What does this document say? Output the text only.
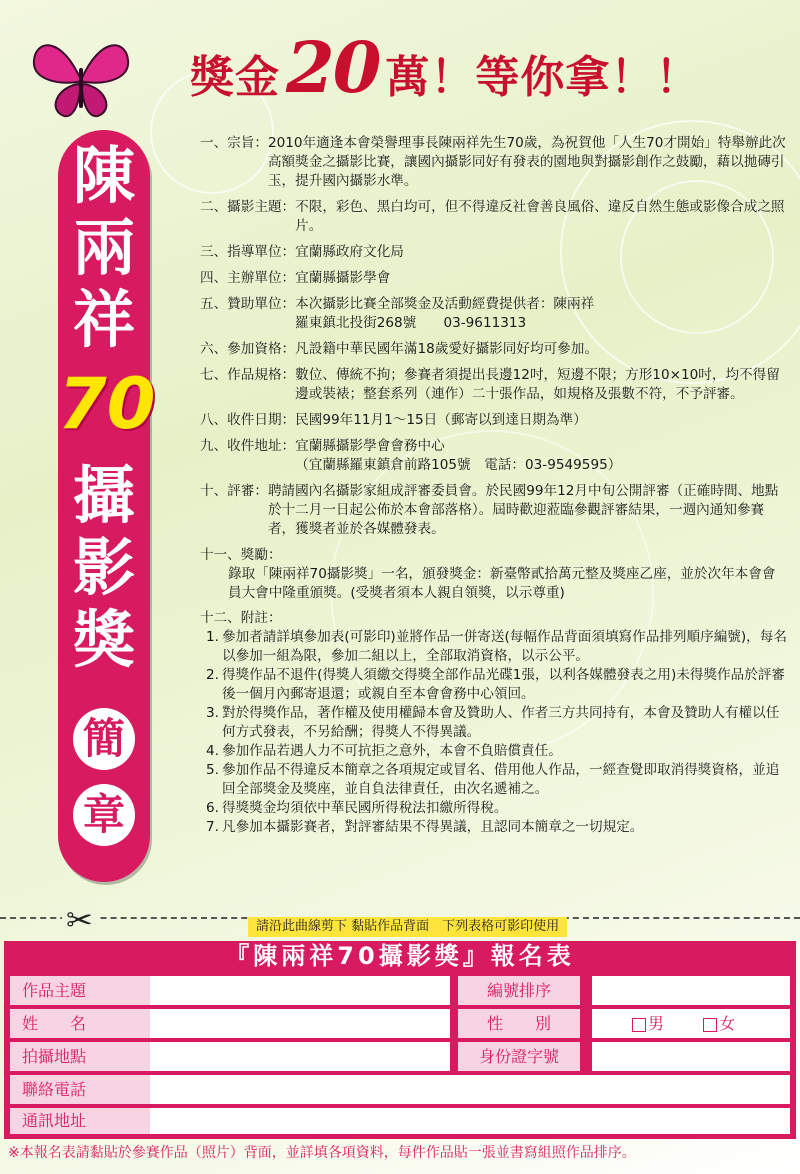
獎金 20 萬！等你拿！！
陳
兩
祥
70
攝
影
獎
簡
章
一、宗旨： 2010年適逢本會榮譽理事長陳兩祥先生70歲，為祝賀他「人生70才開始」特舉辦此次高額獎金之攝影比賽，讓國內攝影同好有發表的園地與對攝影創作之鼓勵，藉以拋磚引玉，提升國內攝影水準。
二、攝影主題： 不限，彩色、黑白均可，但不得違反社會善良風俗、違反自然生態或影像合成之照片。
三、指導單位： 宜蘭縣政府文化局
四、主辦單位： 宜蘭縣攝影學會
五、贊助單位： 本次攝影比賽全部獎金及活動經費提供者：陳兩祥
羅東鎮北投街268號　　03-9611313
六、參加資格： 凡設籍中華民國年滿18歲愛好攝影同好均可參加。
七、作品規格： 數位、傳統不拘；參賽者須提出長邊12吋，短邊不限；方形10×10吋，均不得留邊或裝裱；整套系列（連作）二十張作品，如規格及張數不符，不予評審。
八、收件日期： 民國99年11月1～15日（郵寄以到達日期為準）
九、收件地址： 宜蘭縣攝影學會會務中心
（宜蘭縣羅東鎮倉前路105號　電話：03-9549595）
十、評審： 聘請國內名攝影家組成評審委員會。於民國99年12月中旬公開評審（正確時間、地點於十二月一日起公佈於本會部落格）。屆時歡迎蒞臨參觀評審結果，一週內通知參賽者，獲獎者並於各媒體發表。
十一、獎勵：
錄取「陳兩祥70攝影獎」一名，頒發獎金：新臺幣貳拾萬元整及獎座乙座，並於次年本會會員大會中隆重頒獎。(受獎者須本人親自領獎，以示尊重)
十二、附註：
1. 參加者請詳填參加表(可影印)並將作品一併寄送(每幅作品背面須填寫作品排列順序編號)，每名以參加一組為限，參加二組以上，全部取消資格，以示公平。
2. 得獎作品不退件(得獎人須繳交得獎全部作品光碟1張，以利各媒體發表之用)未得獎作品於評審後一個月內郵寄退還；或親自至本會會務中心領回。
3. 對於得獎作品，著作權及使用權歸本會及贊助人、作者三方共同持有，本會及贊助人有權以任何方式發表，不另給酬；得獎人不得異議。
4. 參加作品若遇人力不可抗拒之意外，本會不負賠償責任。
5. 參加作品不得違反本簡章之各項規定或冒名、借用他人作品，一經查覺即取消得獎資格，並追回全部獎金及獎座，並自負法律責任，由次名遞補之。
6. 得獎獎金均須依中華民國所得稅法扣繳所得稅。
7. 凡參加本攝影賽者，對評審結果不得異議，且認同本簡章之一切規定。
✂	請沿此曲線剪下 黏貼作品背面　下列表格可影印使用
『陳兩祥70攝影獎』報名表
作品主題	編號排序
姓　　名	性　　別	男	女
拍攝地點	身份證字號
聯絡電話
通訊地址
※本報名表請黏貼於參賽作品（照片）背面，並詳填各項資料，每件作品貼一張並書寫組照作品排序。
